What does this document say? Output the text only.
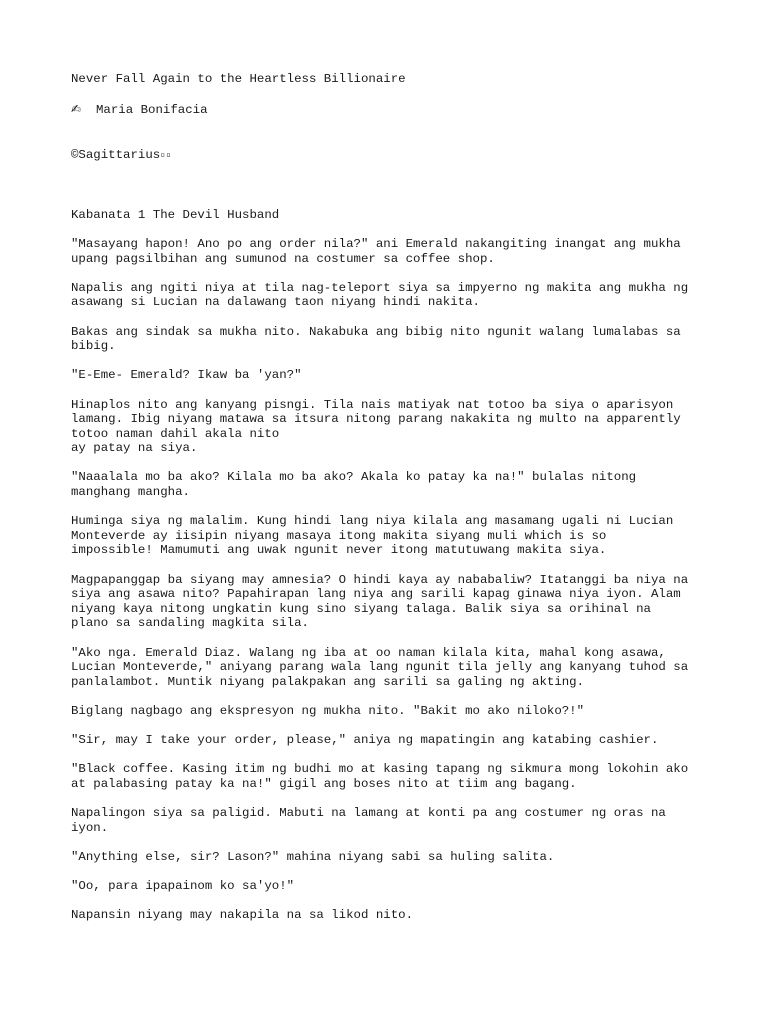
Never Fall Again to the Heartless Billionaire

✍ Maria Bonifacia

©Sagittarius▫▫

Kabanata 1 The Devil Husband

"Masayang hapon! Ano po ang order nila?" ani Emerald nakangiting inangat ang mukha
upang pagsilbihan ang sumunod na costumer sa coffee shop.

Napalis ang ngiti niya at tila nag-teleport siya sa impyerno ng makita ang mukha ng
asawang si Lucian na dalawang taon niyang hindi nakita.

Bakas ang sindak sa mukha nito. Nakabuka ang bibig nito ngunit walang lumalabas sa
bibig.

"E-Eme- Emerald? Ikaw ba 'yan?"

Hinaplos nito ang kanyang pisngi. Tila nais matiyak nat totoo ba siya o aparisyon
lamang. Ibig niyang matawa sa itsura nitong parang nakakita ng multo na apparently
totoo naman dahil akala nito
ay patay na siya.

"Naaalala mo ba ako? Kilala mo ba ako? Akala ko patay ka na!" bulalas nitong
manghang mangha.

Huminga siya ng malalim. Kung hindi lang niya kilala ang masamang ugali ni Lucian
Monteverde ay iisipin niyang masaya itong makita siyang muli which is so
impossible! Mamumuti ang uwak ngunit never itong matutuwang makita siya.

Magpapanggap ba siyang may amnesia? O hindi kaya ay nababaliw? Itatanggi ba niya na
siya ang asawa nito? Papahirapan lang niya ang sarili kapag ginawa niya iyon. Alam
niyang kaya nitong ungkatin kung sino siyang talaga. Balik siya sa orihinal na
plano sa sandaling magkita sila.

"Ako nga. Emerald Diaz. Walang ng iba at oo naman kilala kita, mahal kong asawa,
Lucian Monteverde," aniyang parang wala lang ngunit tila jelly ang kanyang tuhod sa
panlalambot. Muntik niyang palakpakan ang sarili sa galing ng akting.

Biglang nagbago ang ekspresyon ng mukha nito. "Bakit mo ako niloko?!"

"Sir, may I take your order, please," aniya ng mapatingin ang katabing cashier.

"Black coffee. Kasing itim ng budhi mo at kasing tapang ng sikmura mong lokohin ako
at palabasing patay ka na!" gigil ang boses nito at tiim ang bagang.

Napalingon siya sa paligid. Mabuti na lamang at konti pa ang costumer ng oras na
iyon.

"Anything else, sir? Lason?" mahina niyang sabi sa huling salita.

"Oo, para ipapainom ko sa'yo!"

Napansin niyang may nakapila na sa likod nito.
